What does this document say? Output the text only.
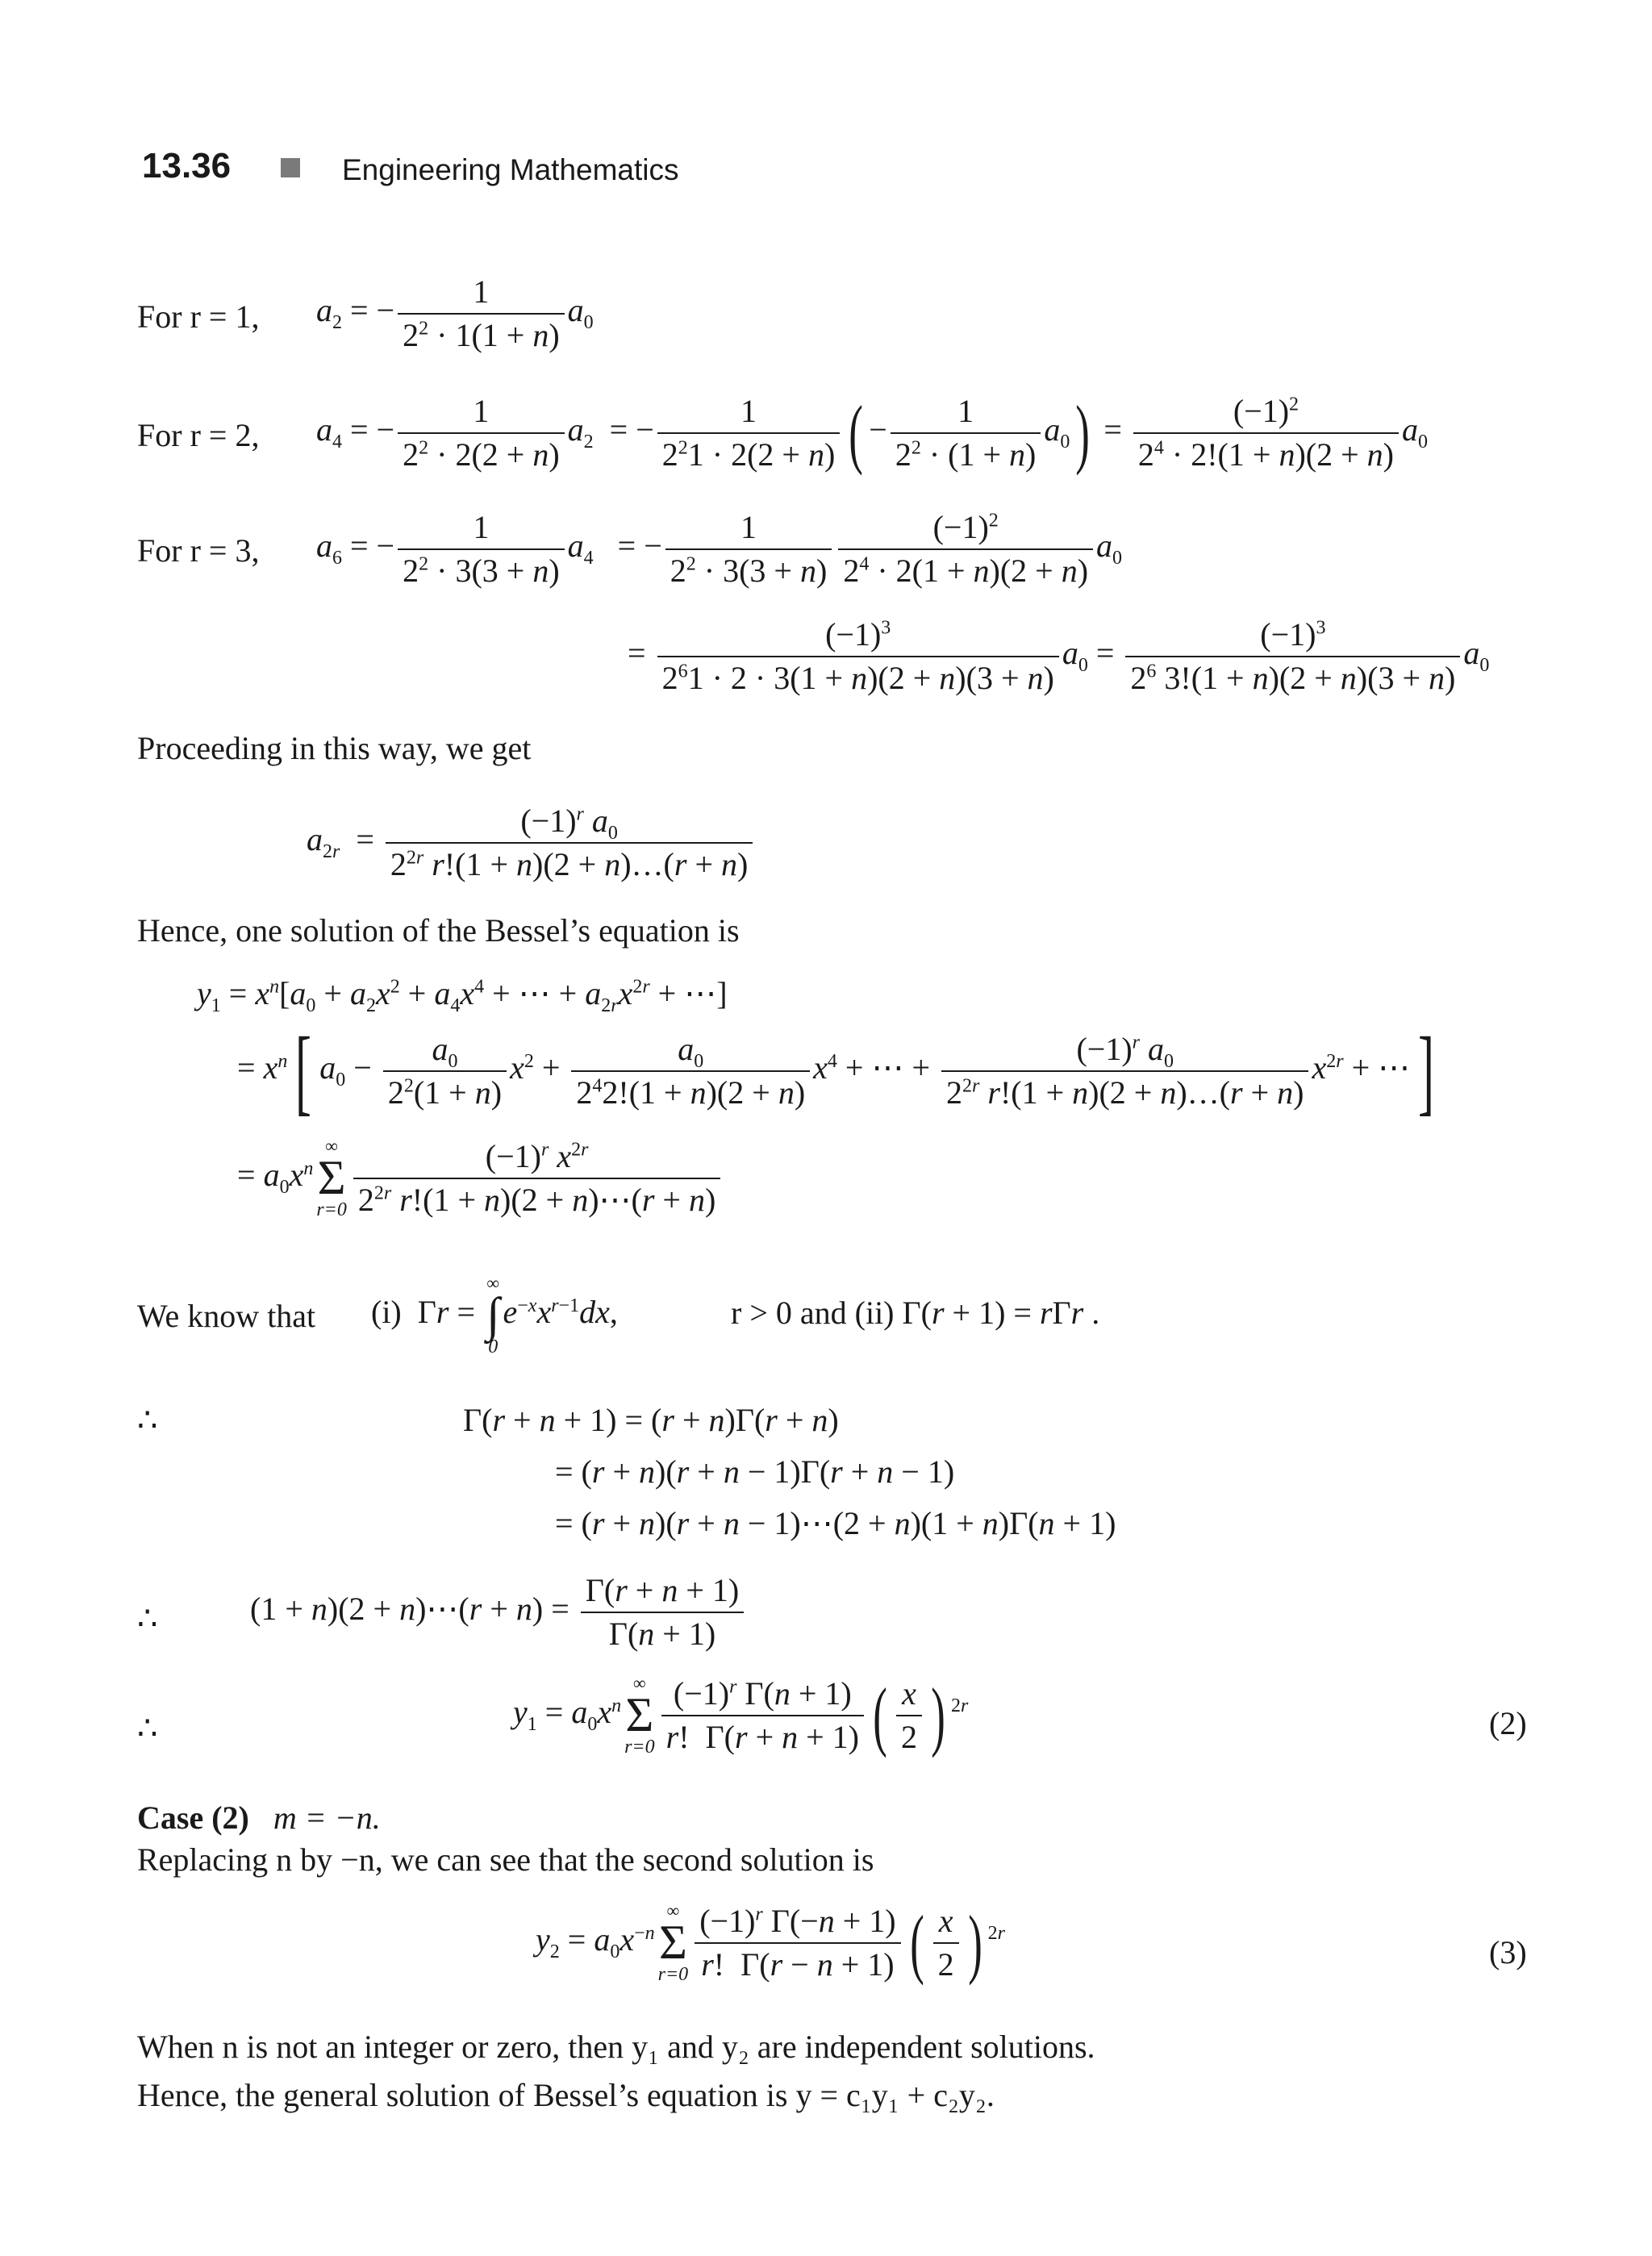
13.36	Engineering Mathematics
For r = 1, $a_2$ = − $\frac{1}{2^2 \cdot 1(1 + n)} a_0$
For r = 2, $a_4$ = − $\frac{1}{2^2 \cdot 2(2 + n)} a_2$  = − $\frac{1}{2^21 \cdot 2(2 + n)}$ ( − $\frac{1}{2^2 \cdot (1 + n)} a_0) = \frac{(-1)^2}{2^4 \cdot 2!(1 + n)(2 + n)} a_0$
For r = 3, $a_6$ = − $\frac{1}{2^2 \cdot 3(3 + n)} a_4$   = − $\frac{1}{2^2 \cdot 3(3 + n)} \frac{(-1)^2}{2^4 \cdot 2(1 + n)(2 + n)} a_0$
= $\frac{(-1)^3}{2^61 \cdot 2 \cdot 3(1 + n)(2 + n)(3 + n)} a_0 = \frac{(-1)^3}{2^6 3!(1 + n)(2 + n)(3 + n)} a_0$
Proceeding in this way, we get
$a_{2r} = \frac{(-1)^r a_0}{2^{2r} r!(1 + n)(2 + n)\dots(r + n)}$
Hence, one solution of the Bessel’s equation is
$y_1 = x^n[a_0 + a_2x^2 + a_4x^4$ + ⋯ + $a_{2r}x^{2r}$ + ⋯]
= $x^n$[ $a_0 - \frac{a_0}{2^2(1 + n)} x^2 + \frac{a_0}{2^42!(1 + n)(2 + n)} x^4$ + ⋯ + $\frac{(-1)^r a_0}{2^{2r} r!(1 + n)(2 + n)\dots(r + n)} x^{2r}$ + ⋯]
= $a_0x^n$
∞
Σ
$r=0 \frac{(-1)^r x^{2r}}{2^{2r} r!(1 + n)(2 + n)\cdots(r + n)}$
We know that (i)  Γr =
∞
∫
0
$e^{-x}x^{r-1}dx$,	r > 0 and (ii) Γ(r + 1) = rΓr .
∴	Γ(r + n + 1) = (r + n)Γ(r + n)
= (r + n)(r + n − 1)Γ(r + n − 1)
= (r + n)(r + n − 1)⋯(2 + n)(1 + n)Γ(n + 1)
∴	(1 + n)(2 + n)⋯(r + $n) = \frac{\Gamma(r + n + 1)}{\Gamma(n + 1)}$
∴	$y_1 = a_0x^n$
∞
Σ
$r=0 \frac{(-1)^r \Gamma(n + 1)}{r! \Gamma(r + n + 1)}$ ( $\frac{x}{2}$ ) $^{2r}$	(2)
Case (2) m = −n.
Replacing n by −n, we can see that the second solution is
$y_2 = a_0x^{-n}$
∞
Σ
$r=0 \frac{(-1)^r \Gamma(-n + 1)}{r! \Gamma(r - n + 1)}$ ( $\frac{x}{2}$ ) $^{2r}$
(3)
When n is not an integer or zero, then y₁ and y₂ are independent solutions.
Hence, the general solution of Bessel’s equation is y = c₁y₁ + c₂y₂.
